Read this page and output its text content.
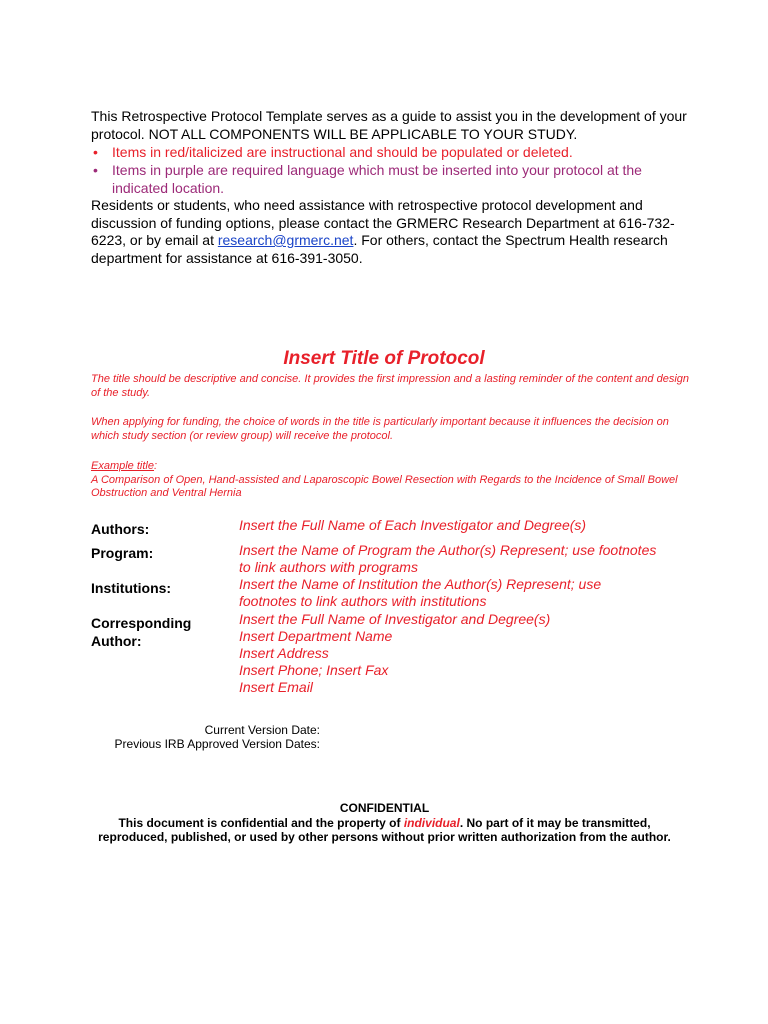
This Retrospective Protocol Template serves as a guide to assist you in the development of your protocol. NOT ALL COMPONENTS WILL BE APPLICABLE TO YOUR STUDY.

• Items in red/italicized are instructional and should be populated or deleted.
• Items in purple are required language which must be inserted into your protocol at the indicated location.

Residents or students, who need assistance with retrospective protocol development and discussion of funding options, please contact the GRMERC Research Department at 616-732-6223, or by email at research@grmerc.net. For others, contact the Spectrum Health research department for assistance at 616-391-3050.

Insert Title of Protocol

The title should be descriptive and concise. It provides the first impression and a lasting reminder of the content and design of the study.

When applying for funding, the choice of words in the title is particularly important because it influences the decision on which study section (or review group) will receive the protocol.

Example title:

A Comparison of Open, Hand-assisted and Laparoscopic Bowel Resection with Regards to the Incidence of Small Bowel Obstruction and Ventral Hernia

Authors:	Insert the Full Name of Each Investigator and Degree(s)
Program:	Insert the Name of Program the Author(s) Represent; use footnotes to link authors with programs
Institutions:	Insert the Name of Institution the Author(s) Represent; use footnotes to link authors with institutions
Corresponding Author:
Insert the Full Name of Investigator and Degree(s)
Insert Department Name
Insert Address
Insert Phone; Insert Fax
Insert Email
Current Version Date:
Previous IRB Approved Version Dates:
CONFIDENTIAL
This document is confidential and the property of individual. No part of it may be transmitted, reproduced, published, or used by other persons without prior written authorization from the author.
